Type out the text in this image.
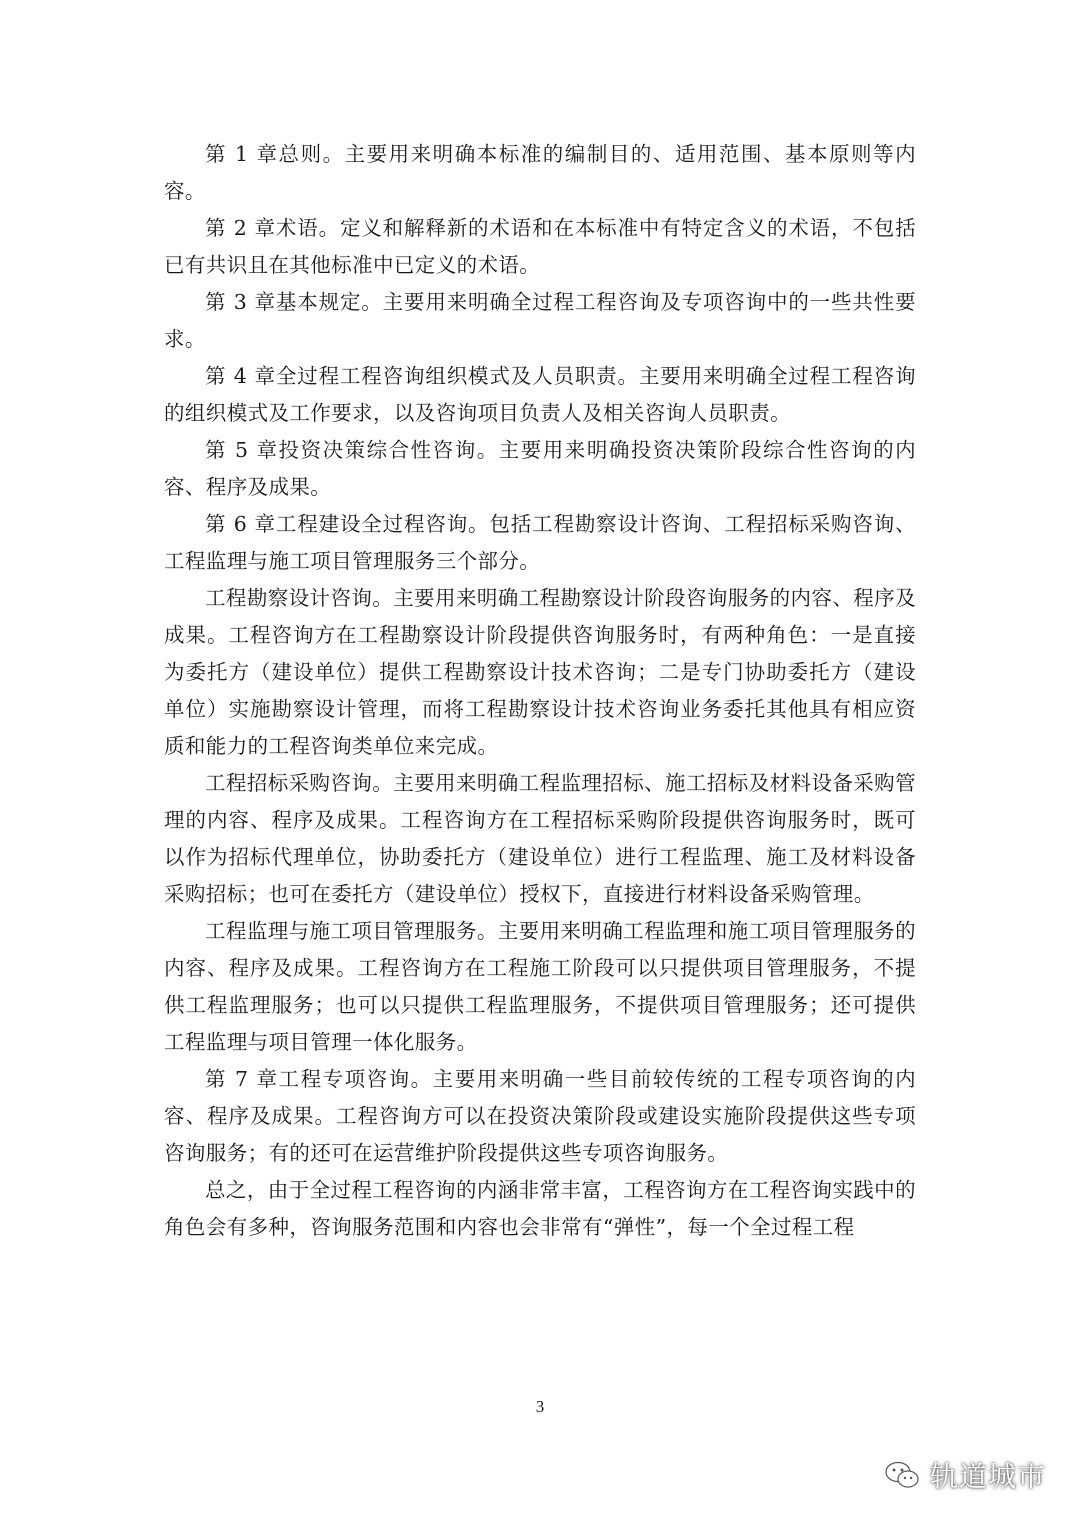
第 1 章总则。主要用来明确本标准的编制目的、适用范围、基本原则等内容。

第 2 章术语。定义和解释新的术语和在本标准中有特定含义的术语，不包括已有共识且在其他标准中已定义的术语。

第 3 章基本规定。主要用来明确全过程工程咨询及专项咨询中的一些共性要求。

第 4 章全过程工程咨询组织模式及人员职责。主要用来明确全过程工程咨询的组织模式及工作要求，以及咨询项目负责人及相关咨询人员职责。

第 5 章投资决策综合性咨询。主要用来明确投资决策阶段综合性咨询的内容、程序及成果。

第 6 章工程建设全过程咨询。包括工程勘察设计咨询、工程招标采购咨询、工程监理与施工项目管理服务三个部分。

工程勘察设计咨询。主要用来明确工程勘察设计阶段咨询服务的内容、程序及成果。工程咨询方在工程勘察设计阶段提供咨询服务时，有两种角色：一是直接为委托方（建设单位）提供工程勘察设计技术咨询；二是专门协助委托方（建设单位）实施勘察设计管理，而将工程勘察设计技术咨询业务委托其他具有相应资质和能力的工程咨询类单位来完成。

工程招标采购咨询。主要用来明确工程监理招标、施工招标及材料设备采购管理的内容、程序及成果。工程咨询方在工程招标采购阶段提供咨询服务时，既可以作为招标代理单位，协助委托方（建设单位）进行工程监理、施工及材料设备采购招标；也可在委托方（建设单位）授权下，直接进行材料设备采购管理。

工程监理与施工项目管理服务。主要用来明确工程监理和施工项目管理服务的内容、程序及成果。工程咨询方在工程施工阶段可以只提供项目管理服务，不提供工程监理服务；也可以只提供工程监理服务，不提供项目管理服务；还可提供工程监理与项目管理一体化服务。

第 7 章工程专项咨询。主要用来明确一些目前较传统的工程专项咨询的内容、程序及成果。工程咨询方可以在投资决策阶段或建设实施阶段提供这些专项咨询服务；有的还可在运营维护阶段提供这些专项咨询服务。

总之，由于全过程工程咨询的内涵非常丰富，工程咨询方在工程咨询实践中的角色会有多种，咨询服务范围和内容也会非常有“弹性”，每一个全过程工程

3
轨道城市
